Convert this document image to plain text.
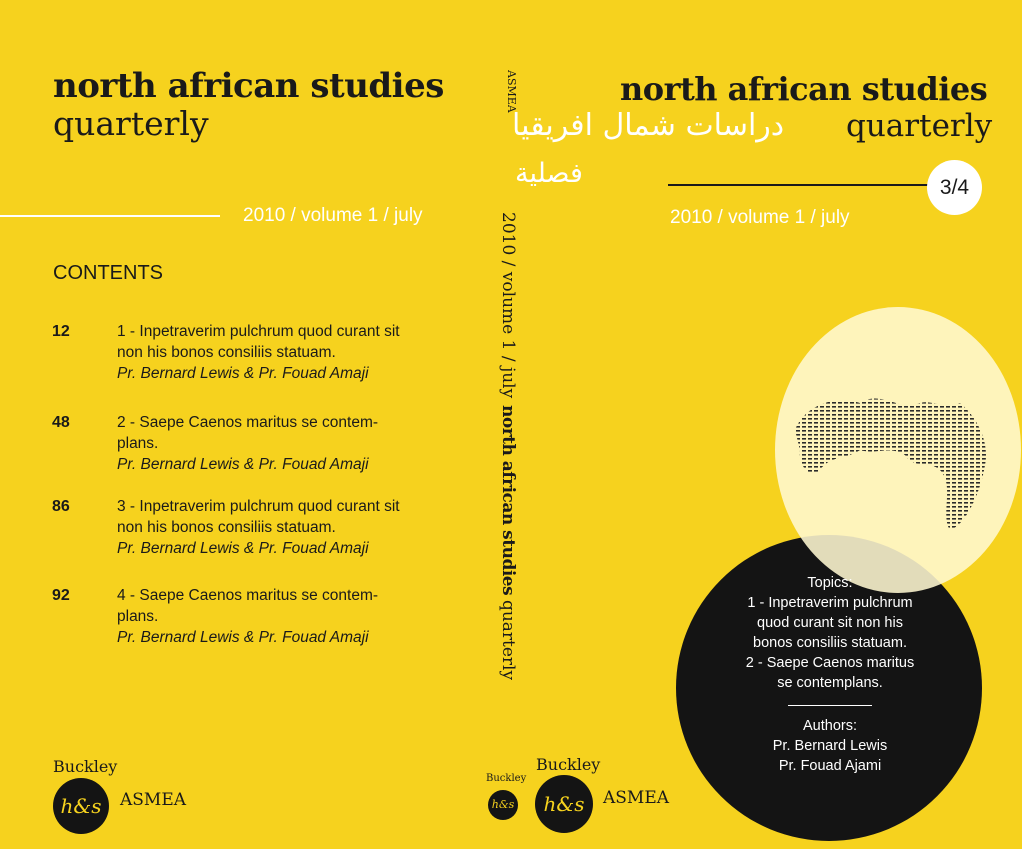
north african studies
quarterly
2010 / volume 1 / july
CONTENTS
12	1 - Inpetraverim pulchrum quod curant sit non his bonos consiliis statuam.
Pr. Bernard Lewis & Pr. Fouad Amaji
48	2 - Saepe Caenos maritus se contem-plans.
Pr. Bernard Lewis & Pr. Fouad Amaji
86	3 - Inpetraverim pulchrum quod curant sit non his bonos consiliis statuam.
Pr. Bernard Lewis & Pr. Fouad Amaji
92	4 - Saepe Caenos maritus se contem-plans.
Pr. Bernard Lewis & Pr. Fouad Amaji
Buckley
h&s	ASMEA
ASMEA
2010 / volume 1 / july
north african studies quarterly
Buckley
h&s
north african studies
دراسات شمال افريقيا quarterly
فصلية	3/4
2010 / volume 1 / july
Topics:
1 - Inpetraverim pulchrum
quod curant sit non his
bonos consiliis statuam.
2 - Saepe Caenos maritus
se contemplans.
Authors:
Pr. Bernard Lewis
Pr. Fouad Ajami
Buckley
h&s	ASMEA
